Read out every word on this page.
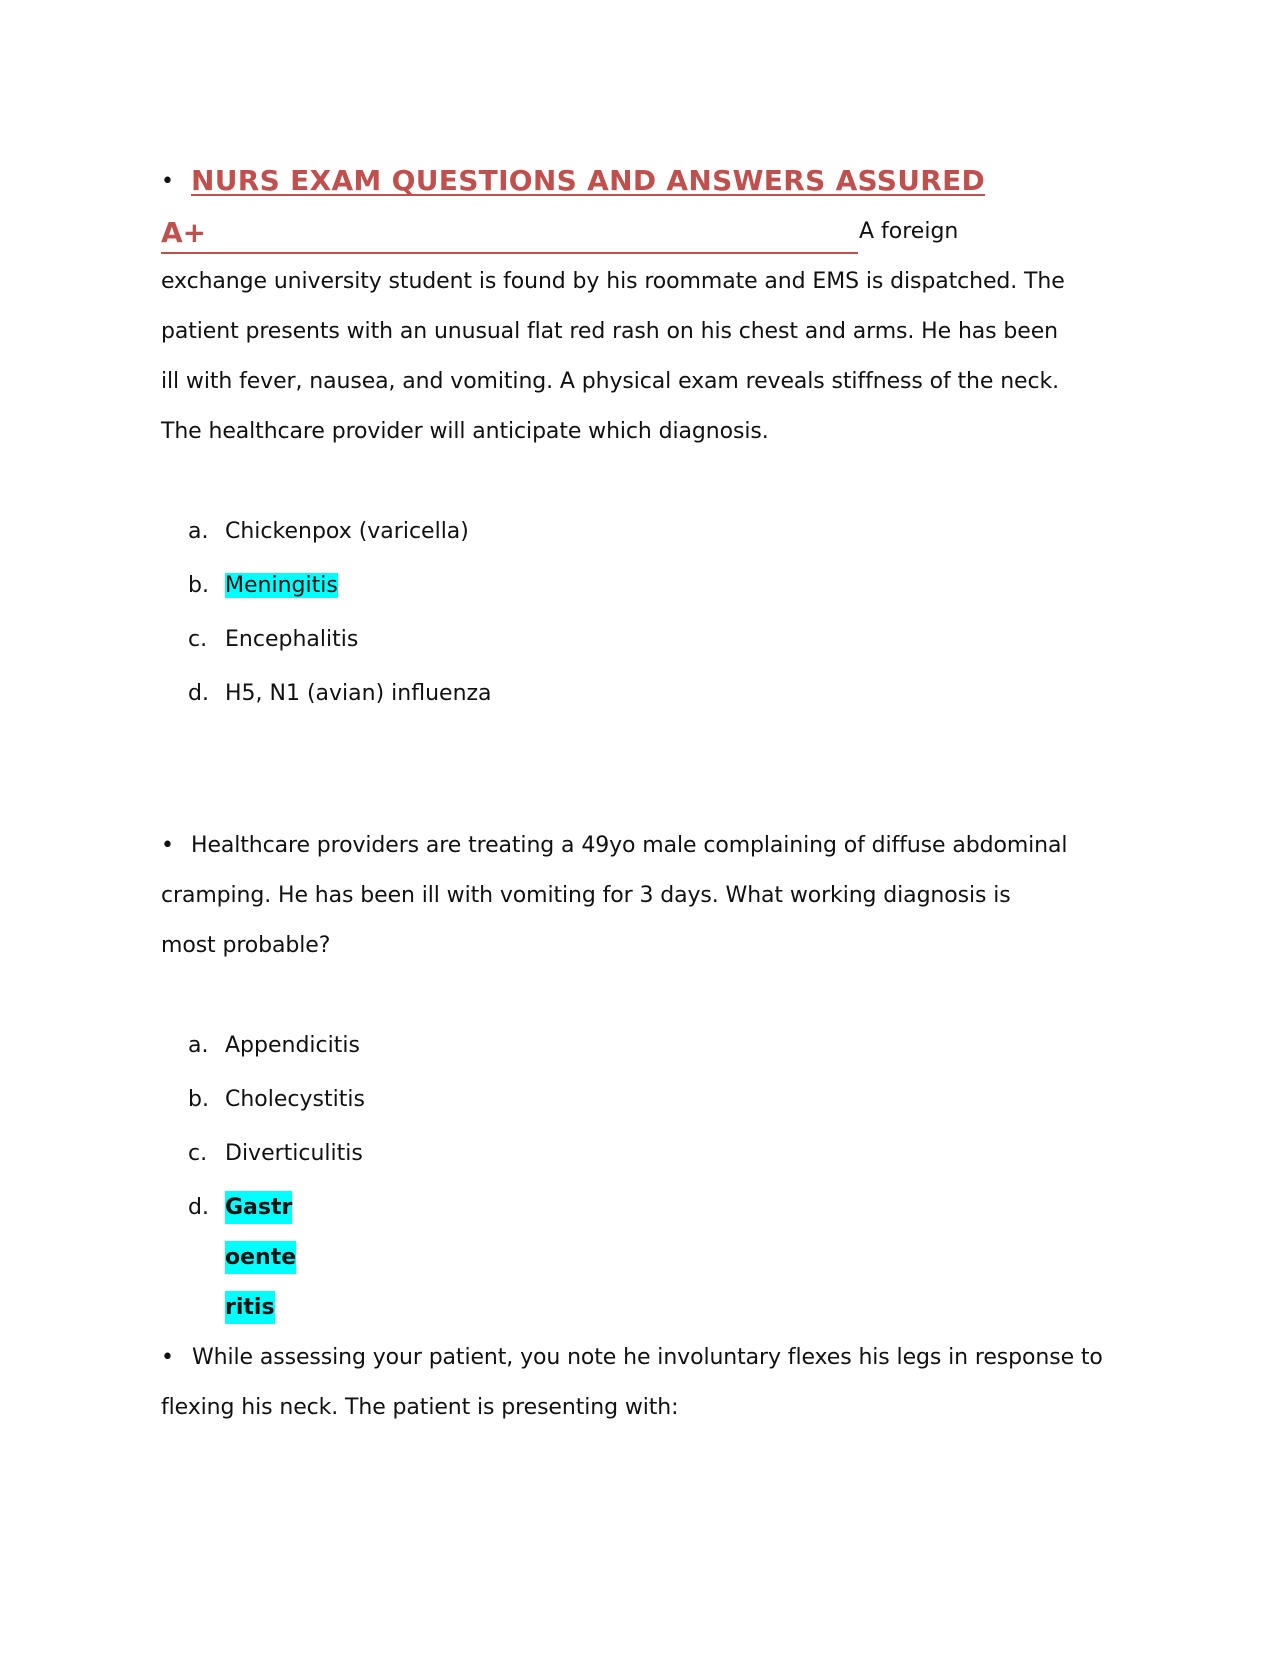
• NURS EXAM QUESTIONS AND ANSWERS ASSURED
A+	A foreign
exchange university student is found by his roommate and EMS is dispatched. The
patient presents with an unusual flat red rash on his chest and arms. He has been
ill with fever, nausea, and vomiting. A physical exam reveals stiffness of the neck.
The healthcare provider will anticipate which diagnosis.
a. Chickenpox (varicella)
b. Meningitis
c. Encephalitis
d. H5, N1 (avian) influenza
• Healthcare providers are treating a 49yo male complaining of diffuse abdominal
cramping. He has been ill with vomiting for 3 days. What working diagnosis is
most probable?
a. Appendicitis
b. Cholecystitis
c. Diverticulitis
d. Gastr
oente
ritis
• While assessing your patient, you note he involuntary flexes his legs in response to
flexing his neck. The patient is presenting with:
